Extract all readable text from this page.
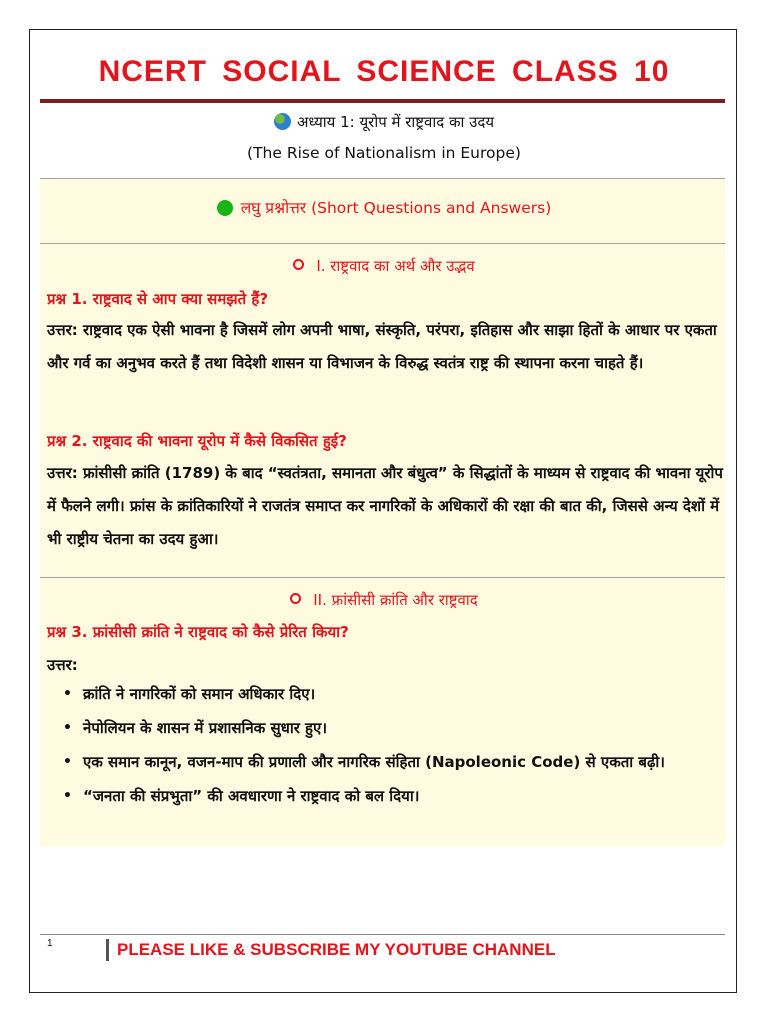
NCERT SOCIAL SCIENCE CLASS 10
अध्याय 1: यूरोप में राष्ट्रवाद का उदय
(The Rise of Nationalism in Europe)
लघु प्रश्नोत्तर (Short Questions and Answers)
I. राष्ट्रवाद का अर्थ और उद्भव
प्रश्न 1. राष्ट्रवाद से आप क्या समझते हैं?
उत्तर: राष्ट्रवाद एक ऐसी भावना है जिसमें लोग अपनी भाषा, संस्कृति, परंपरा, इतिहास और साझा हितों के आधार पर एकता और गर्व का अनुभव करते हैं तथा विदेशी शासन या विभाजन के विरुद्ध स्वतंत्र राष्ट्र की स्थापना करना चाहते हैं।
प्रश्न 2. राष्ट्रवाद की भावना यूरोप में कैसे विकसित हुई?
उत्तर: फ्रांसीसी क्रांति (1789) के बाद “स्वतंत्रता, समानता और बंधुत्व” के सिद्धांतों के माध्यम से राष्ट्रवाद की भावना यूरोप में फैलने लगी। फ्रांस के क्रांतिकारियों ने राजतंत्र समाप्त कर नागरिकों के अधिकारों की रक्षा की बात की, जिससे अन्य देशों में भी राष्ट्रीय चेतना का उदय हुआ।
II. फ्रांसीसी क्रांति और राष्ट्रवाद
प्रश्न 3. फ्रांसीसी क्रांति ने राष्ट्रवाद को कैसे प्रेरित किया?
उत्तर:
• क्रांति ने नागरिकों को समान अधिकार दिए।
• नेपोलियन के शासन में प्रशासनिक सुधार हुए।
• एक समान कानून, वजन-माप की प्रणाली और नागरिक संहिता (Napoleonic Code) से एकता बढ़ी।
• “जनता की संप्रभुता” की अवधारणा ने राष्ट्रवाद को बल दिया।
1	PLEASE LIKE & SUBSCRIBE MY YOUTUBE CHANNEL
